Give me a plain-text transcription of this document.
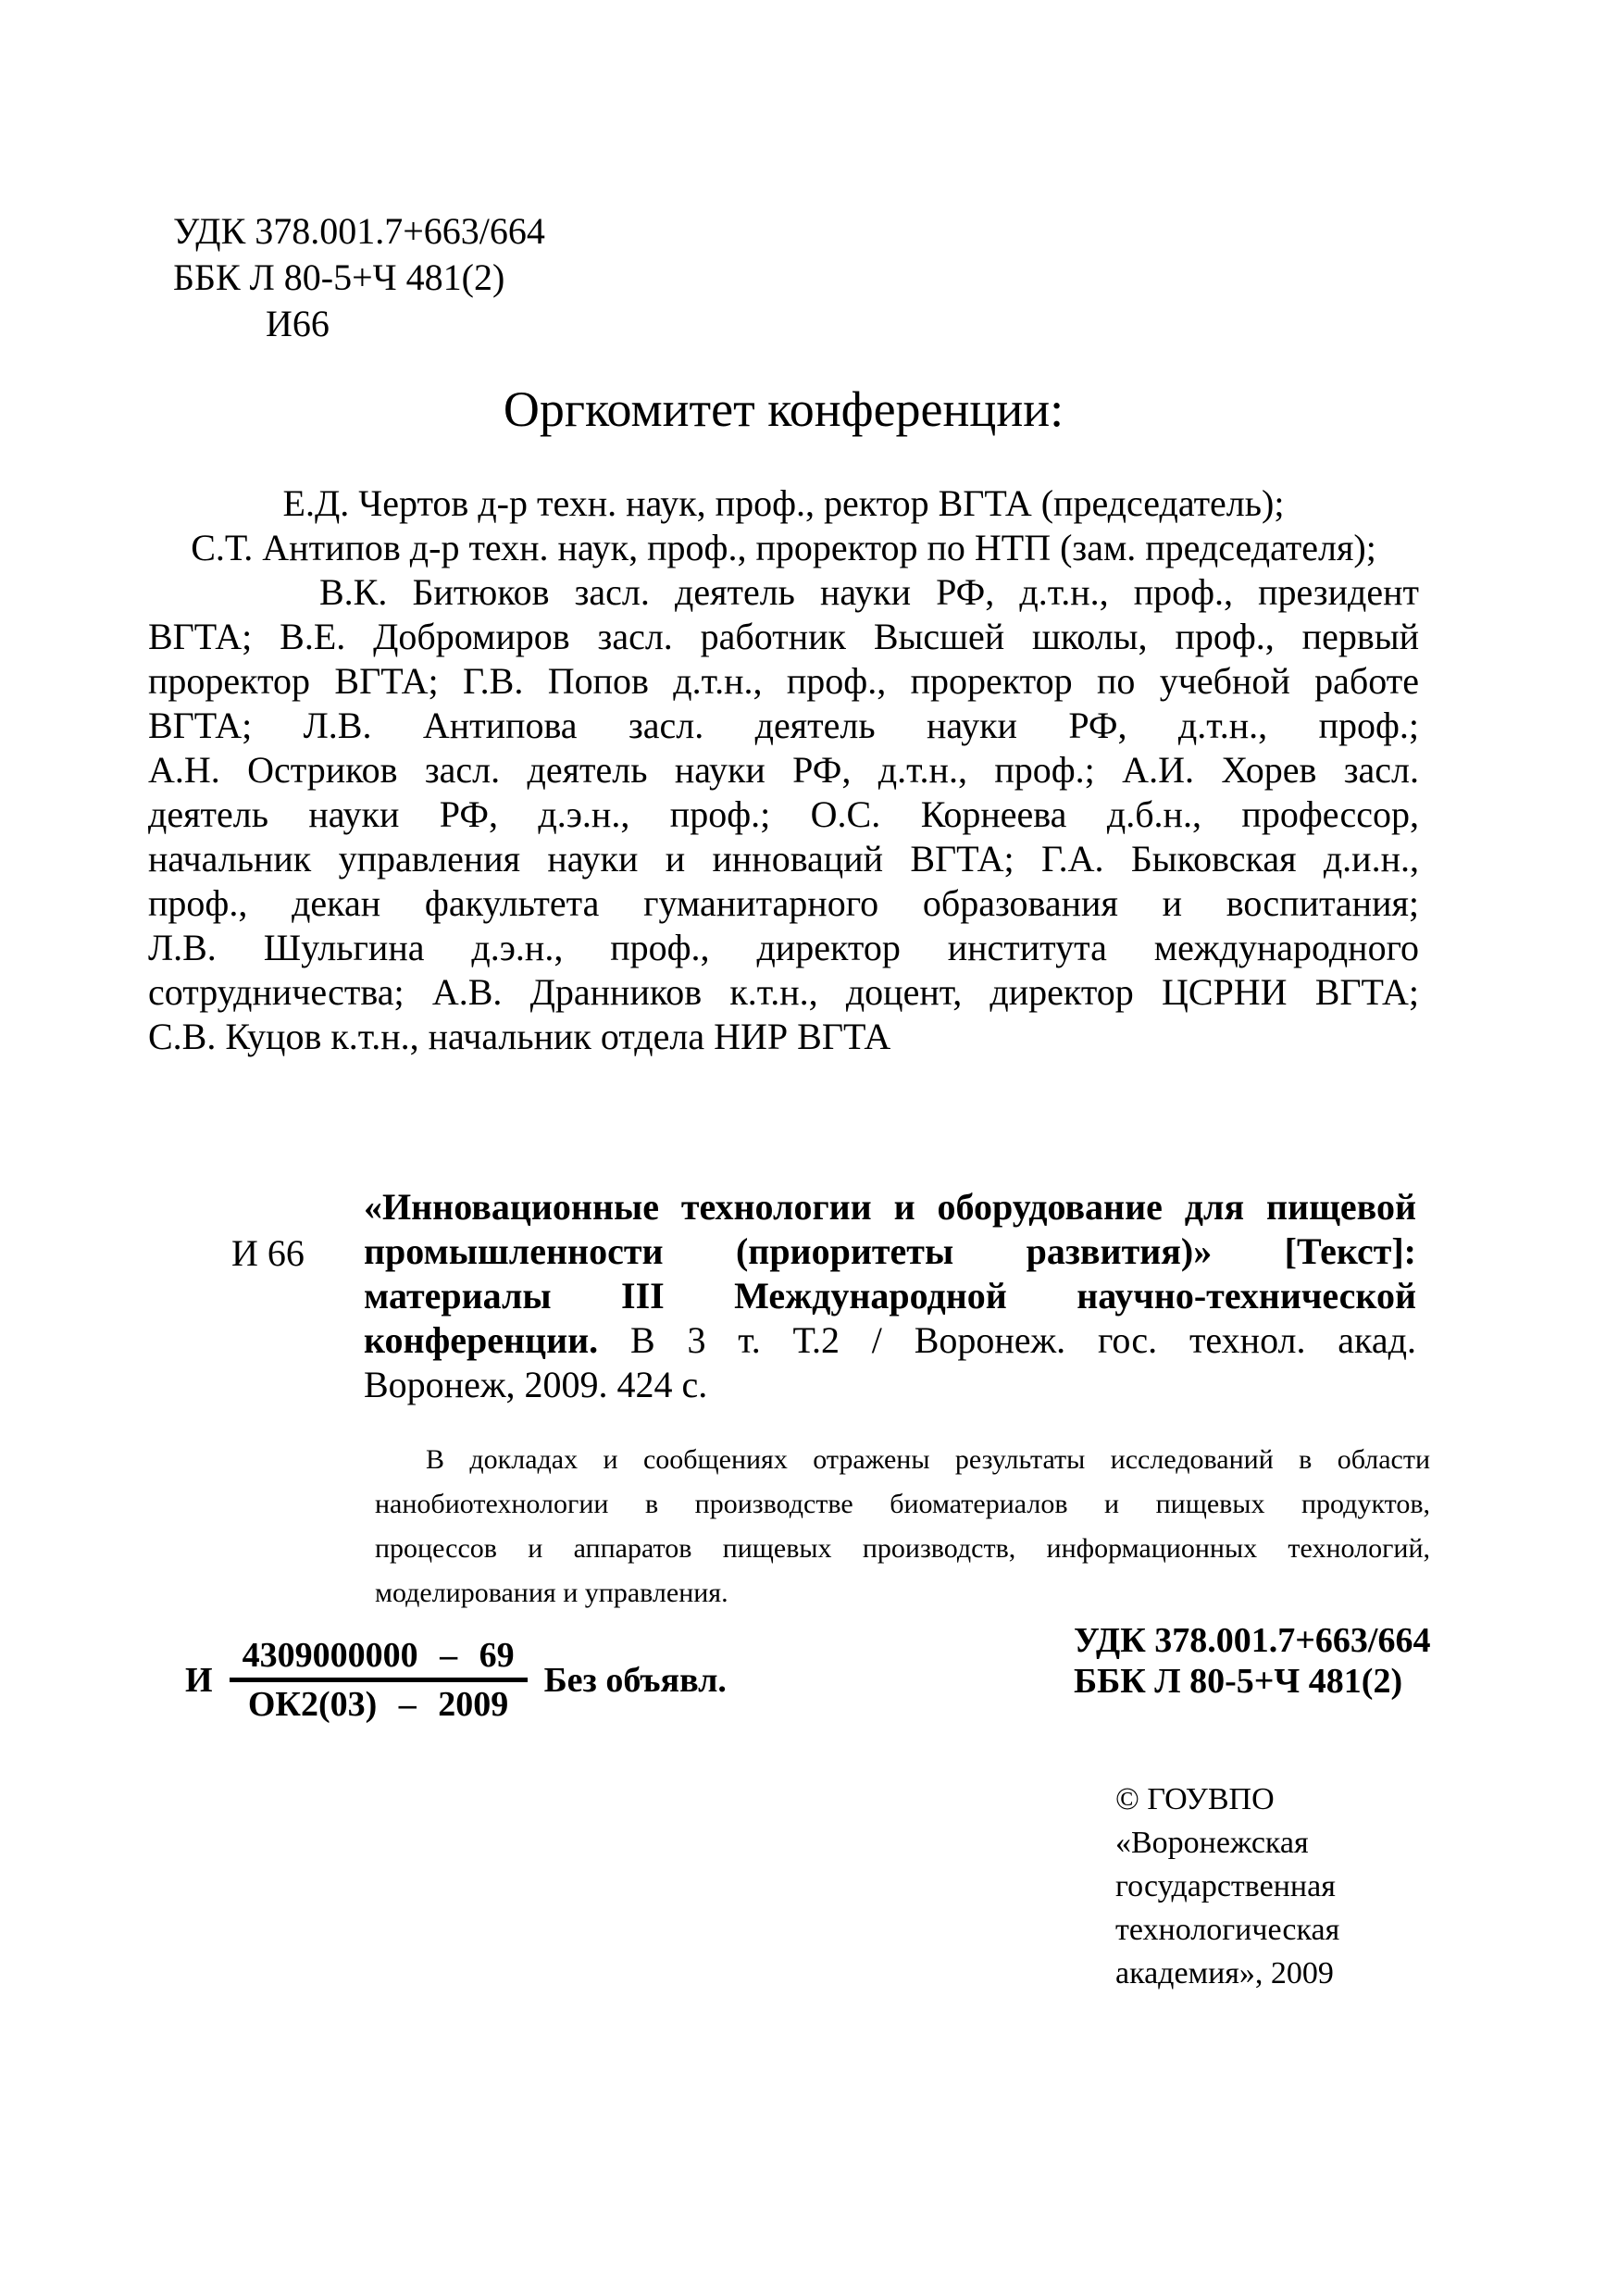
УДК 378.001.7+663/664
ББК Л 80-5+Ч 481(2)
И66
Оргкомитет конференции:
Е.Д. Чертов д-р техн. наук, проф., ректор ВГТА (председатель);
С.Т. Антипов д-р техн. наук, проф., проректор по НТП (зам. председателя);
В.К. Битюков засл. деятель науки РФ, д.т.н., проф., президент
ВГТА; В.Е. Добромиров засл. работник Высшей школы, проф., первый
проректор ВГТА; Г.В. Попов д.т.н., проф., проректор по учебной работе
ВГТА; Л.В. Антипова засл. деятель науки РФ, д.т.н., проф.;
А.Н. Остриков засл. деятель науки РФ, д.т.н., проф.; А.И. Хорев засл.
деятель науки РФ, д.э.н., проф.; О.С. Корнеева д.б.н., профессор,
начальник управления науки и инноваций ВГТА; Г.А. Быковская д.и.н.,
проф., декан факультета гуманитарного образования и воспитания;
Л.В. Шульгина д.э.н., проф., директор института международного
сотрудничества; А.В. Дранников к.т.н., доцент, директор ЦСРНИ ВГТА;
С.В. Куцов к.т.н., начальник отдела НИР ВГТА
И 66
«Инновационные технологии и оборудование для пищевой
промышленности (приоритеты развития)» [Текст]:
материалы III Международной научно-технической
конференции. В 3 т. Т.2 / Воронеж. гос. технол. акад.
Воронеж, 2009. 424 с.
В докладах и сообщениях отражены результаты исследований в области
нанобиотехнологии в производстве биоматериалов и пищевых продуктов,
процессов и аппаратов пищевых производств, информационных технологий,
моделирования и управления.
И
4309000000 – 69
ОК2(03) – 2009
Без объявл.
УДК 378.001.7+663/664
ББК Л 80-5+Ч 481(2)
© ГОУВПО
«Воронежская
государственная
технологическая
академия», 2009
